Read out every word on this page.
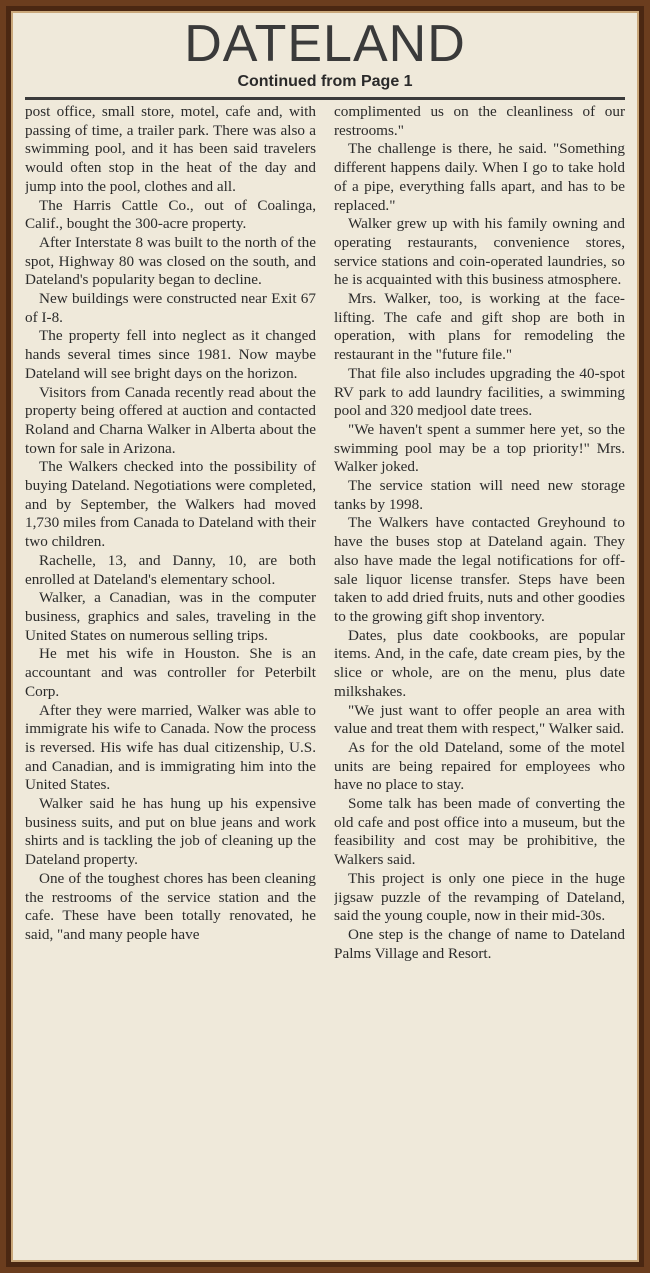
DATELAND
Continued from Page 1

post office, small store, motel, cafe and, with passing of time, a trailer park. There was also a swimming pool, and it has been said travelers would often stop in the heat of the day and jump into the pool, clothes and all.

The Harris Cattle Co., out of Coalinga, Calif., bought the 300-acre property.

After Interstate 8 was built to the north of the spot, Highway 80 was closed on the south, and Dateland's popularity began to decline.

New buildings were constructed near Exit 67 of I-8.

The property fell into neglect as it changed hands several times since 1981. Now maybe Dateland will see bright days on the horizon.

Visitors from Canada recently read about the property being offered at auction and contacted Roland and Charna Walker in Alberta about the town for sale in Arizona.

The Walkers checked into the possibility of buying Dateland. Negotiations were completed, and by September, the Walkers had moved 1,730 miles from Canada to Dateland with their two children.

Rachelle, 13, and Danny, 10, are both enrolled at Dateland's elementary school.

Walker, a Canadian, was in the computer business, graphics and sales, traveling in the United States on numerous selling trips.

He met his wife in Houston. She is an accountant and was controller for Peterbilt Corp.

After they were married, Walker was able to immigrate his wife to Canada. Now the process is reversed. His wife has dual citizenship, U.S. and Canadian, and is immigrating him into the United States.

Walker said he has hung up his expensive business suits, and put on blue jeans and work shirts and is tackling the job of cleaning up the Dateland property.

One of the toughest chores has been cleaning the restrooms of the service station and the cafe. These have been totally renovated, he said, "and many people have

complimented us on the cleanliness of our restrooms."

The challenge is there, he said. "Something different happens daily. When I go to take hold of a pipe, everything falls apart, and has to be replaced."

Walker grew up with his family owning and operating restaurants, convenience stores, service stations and coin-operated laundries, so he is acquainted with this business atmosphere.

Mrs. Walker, too, is working at the face-lifting. The cafe and gift shop are both in operation, with plans for remodeling the restaurant in the "future file."

That file also includes upgrading the 40-spot RV park to add laundry facilities, a swimming pool and 320 medjool date trees.

"We haven't spent a summer here yet, so the swimming pool may be a top priority!" Mrs. Walker joked.

The service station will need new storage tanks by 1998.

The Walkers have contacted Greyhound to have the buses stop at Dateland again. They also have made the legal notifications for off-sale liquor license transfer. Steps have been taken to add dried fruits, nuts and other goodies to the growing gift shop inventory.

Dates, plus date cookbooks, are popular items. And, in the cafe, date cream pies, by the slice or whole, are on the menu, plus date milkshakes.

"We just want to offer people an area with value and treat them with respect," Walker said.

As for the old Dateland, some of the motel units are being repaired for employees who have no place to stay.

Some talk has been made of converting the old cafe and post office into a museum, but the feasibility and cost may be prohibitive, the Walkers said.

This project is only one piece in the huge jigsaw puzzle of the revamping of Dateland, said the young couple, now in their mid-30s.

One step is the change of name to Dateland Palms Village and Resort.
